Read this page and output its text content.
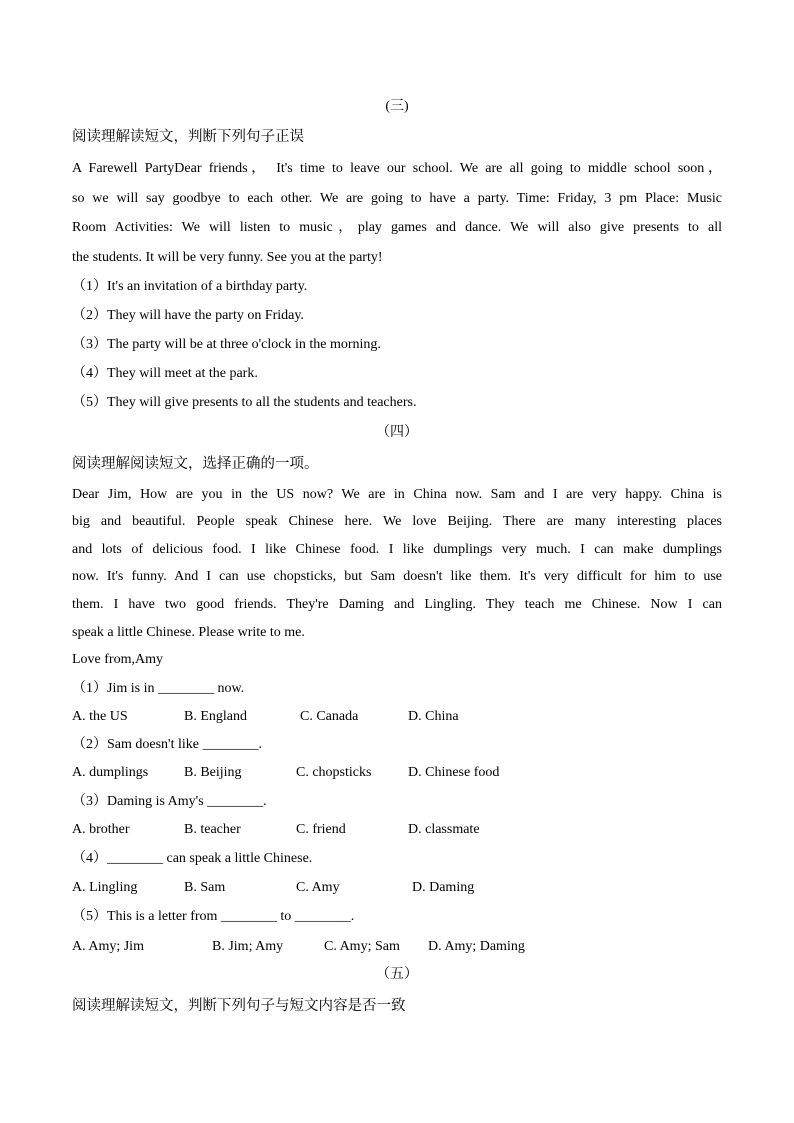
(三)
阅读理解读短文，判断下列句子正误
A Farewell PartyDear friends， It's time to leave our school. We are all going to middle school soon，
so we will say goodbye to each other. We are going to have a party. Time: Friday, 3 pm Place: Music
Room Activities: We will listen to music，play games and dance. We will also give presents to all
the students. It will be very funny. See you at the party!
（1）It's an invitation of a birthday party.
（2）They will have the party on Friday.
（3）The party will be at three o'clock in the morning.
（4）They will meet at the park.
（5）They will give presents to all the students and teachers.
（四）
阅读理解阅读短文，选择正确的一项。
Dear Jim, How are you in the US now? We are in China now. Sam and I are very happy. China is
big and beautiful. People speak Chinese here. We love Beijing. There are many interesting places
and lots of delicious food. I like Chinese food. I like dumplings very much. I can make dumplings
now. It's funny. And I can use chopsticks, but Sam doesn't like them. It's very difficult for him to use
them. I have two good friends. They're Daming and Lingling. They teach me Chinese. Now I can
speak a little Chinese. Please write to me.
Love from,Amy
（1）Jim is in ________ now.
A. the US	B. England	C. Canada	D. China
（2）Sam doesn't like ________.
A. dumplings	B. Beijing	C. chopsticks	D. Chinese food
（3）Daming is Amy's ________.
A. brother	B. teacher	C. friend	D. classmate
（4）________ can speak a little Chinese.
A. Lingling	B. Sam	C. Amy	D. Daming
（5）This is a letter from ________ to ________.
A. Amy; Jim	B. Jim; Amy	C. Amy; Sam D. Amy; Daming
（五）
阅读理解读短文，判断下列句子与短文内容是否一致
